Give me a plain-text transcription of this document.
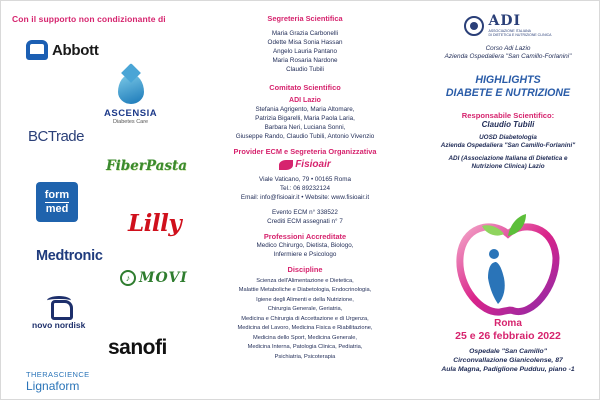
Con il supporto non condizionante di
Abbott
ASCENSIA
Diabetes Care
BCTrade
FiberPasta
form
med
Lilly
Medtronic
♪ MOVI
novo nordisk
sanofi
THERASCIENCE
Lignaform
Segreteria Scientifica
Maria Grazia Carbonelli
Odette Misa Sonia Hassan
Angelo Lauria Pantano
Maria Rosaria Nardone
Claudio Tubili
Comitato Scientifico
ADI Lazio
Stefania Agrigento, Maria Altomare,
Patrizia Bigarelli, Maria Paola Laria,
Barbara Neri, Luciana Sonni,
Giuseppe Rando, Claudio Tubili, Antonio Vivenzio
Provider ECM e Segreteria Organizzativa
Fisioair
Viale Vaticano, 79 • 00165 Roma
Tel.: 06 89232124
Email: info@fisioair.it • Website: www.fisioair.it
Evento ECM n° 338522
Crediti ECM assegnati n° 7
Professioni Accreditate
Medico Chirurgo, Dietista, Biologo,
Infermiere e Psicologo
Discipline
Scienza dell'Alimentazione e Dietetica,
Malattie Metaboliche e Diabetologia, Endocrinologia,
Igiene degli Alimenti e della Nutrizione,
Chirurgia Generale, Geriatria,
Medicina e Chirurgia di Accettazione e di Urgenza,
Medicina del Lavoro, Medicina Fisica e Riabilitazione,
Medicina dello Sport, Medicina Generale,
Medicina Interna, Patologia Clinica, Pediatria,
Psichiatria, Psicoterapia
ADI
ASSOCIAZIONE ITALIANA
DI DIETETICA E NUTRIZIONE CLINICA
Corso Adi Lazio
Azienda Ospedaliera "San Camillo-Forlanini"
HIGHLIGHTS
DIABETE E NUTRIZIONE
Responsabile Scientifico:
Claudio Tubili
UOSD Diabetologia
Azienda Ospedaliera "San Camillo-Forlanini"
ADI (Associazione Italiana di Dietetica e
Nutrizione Clinica) Lazio
Roma
25 e 26 febbraio 2022
Ospedale "San Camillo"
Circonvallazione Gianicolense, 87
Aula Magna, Padiglione Pudduu, piano -1
